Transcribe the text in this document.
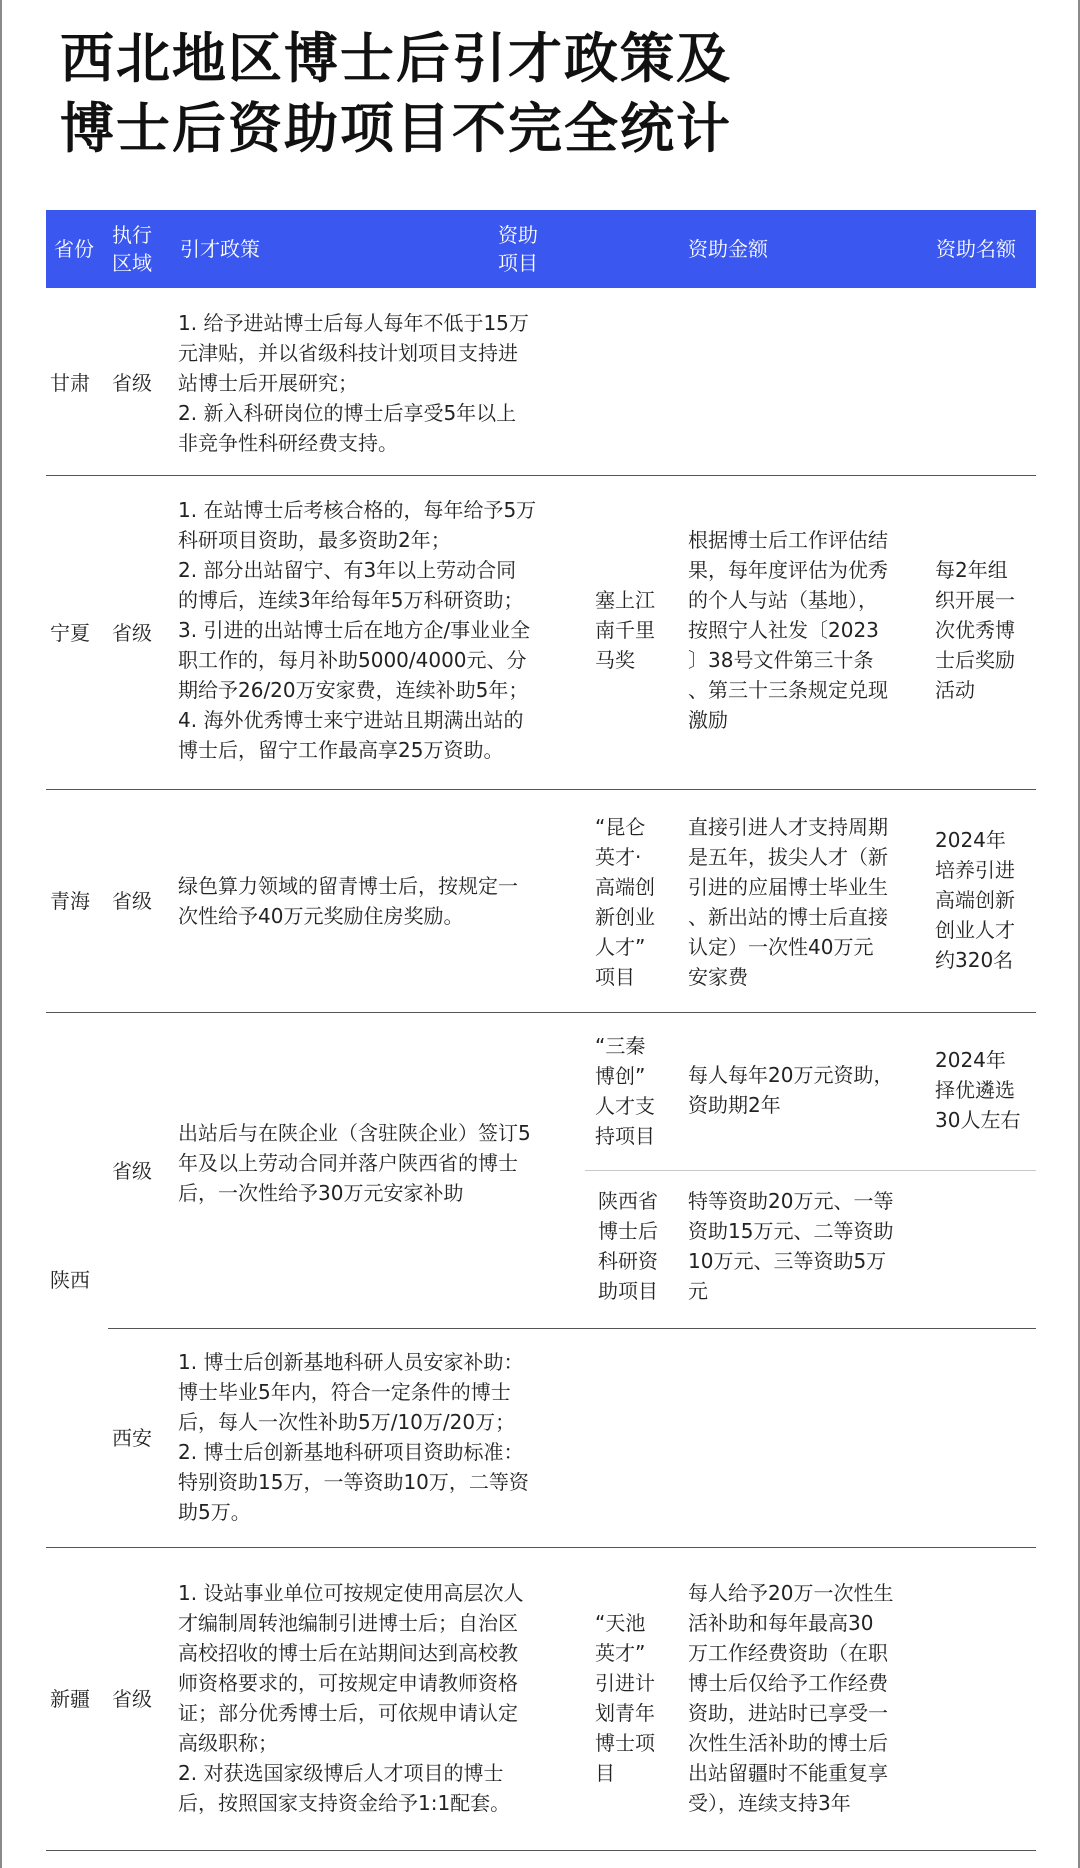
西北地区博士后引才政策及
博士后资助项目不完全统计
省份
执行
区域
引才政策
资助
项目
资助金额	资助名额
甘肃 省级
1. 给予进站博士后每人每年不低于15万
元津贴，并以省级科技计划项目支持进
站博士后开展研究；
2. 新入科研岗位的博士后享受5年以上
非竞争性科研经费支持。
宁夏 省级
1. 在站博士后考核合格的，每年给予5万
科研项目资助，最多资助2年；
2. 部分出站留宁、有3年以上劳动合同
的博后，连续3年给每年5万科研资助；
3. 引进的出站博士后在地方企/事业业全
职工作的，每月补助5000/4000元、分
期给予26/20万安家费，连续补助5年；
4. 海外优秀博士来宁进站且期满出站的
博士后，留宁工作最高享25万资助。
塞上江
南千里
马奖
根据博士后工作评估结
果，每年度评估为优秀
的个人与站（基地），
按照宁人社发〔2023
〕38号文件第三十条
、第三十三条规定兑现
激励
每2年组
织开展一
次优秀博
士后奖励
活动
青海 省级
绿色算力领域的留青博士后，按规定一
次性给予40万元奖励住房奖励。
“昆仑
英才·
高端创
新创业
人才”
项目
直接引进人才支持周期
是五年，拔尖人才（新
引进的应届博士毕业生
、新出站的博士后直接
认定）一次性40万元
安家费
2024年
培养引进
高端创新
创业人才
约320名
陕西
省级
出站后与在陕企业（含驻陕企业）签订5
年及以上劳动合同并落户陕西省的博士
后，一次性给予30万元安家补助
“三秦
博创”
人才支
持项目
每人每年20万元资助，
资助期2年
2024年
择优遴选
30人左右
陕西省
博士后
科研资
助项目
特等资助20万元、一等
资助15万元、二等资助
10万元、三等资助5万
元
西安
1. 博士后创新基地科研人员安家补助：
博士毕业5年内，符合一定条件的博士
后，每人一次性补助5万/10万/20万；
2. 博士后创新基地科研项目资助标准：
特别资助15万，一等资助10万，二等资
助5万。
新疆 省级
1. 设站事业单位可按规定使用高层次人
才编制周转池编制引进博士后；自治区
高校招收的博士后在站期间达到高校教
师资格要求的，可按规定申请教师资格
证；部分优秀博士后，可依规申请认定
高级职称；
2. 对获选国家级博后人才项目的博士
后，按照国家支持资金给予1:1配套。
“天池
英才”
引进计
划青年
博士项
目
每人给予20万一次性生
活补助和每年最高30
万工作经费资助（在职
博士后仅给予工作经费
资助，进站时已享受一
次性生活补助的博士后
出站留疆时不能重复享
受），连续支持3年
